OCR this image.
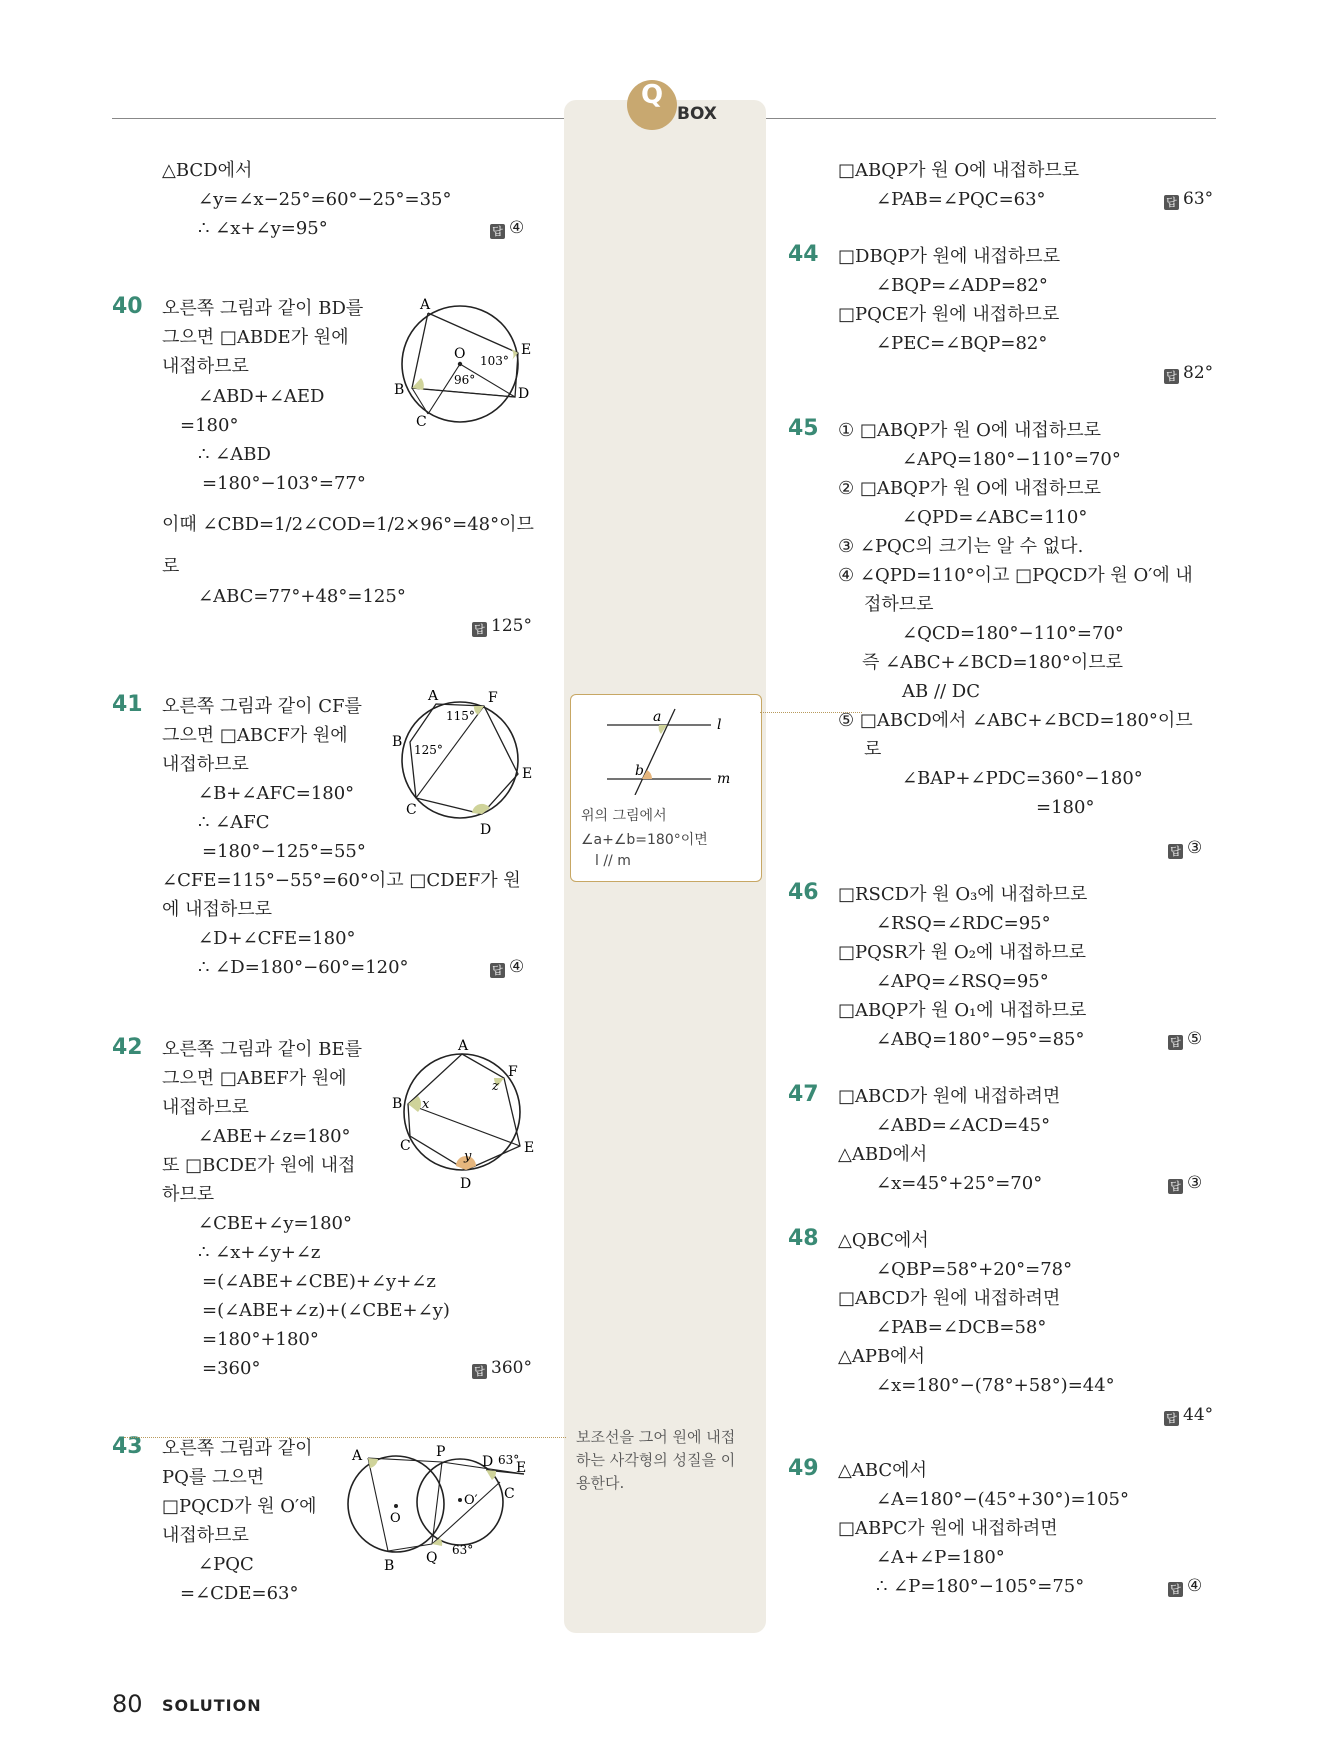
Q
BOX
△BCD에서
∠y=∠x−25°=60°−25°=35°
∴ ∠x+∠y=95°
오른쪽 그림과 같이 BD를
그으면 □ABDE가 원에
내접하므로
∠ABD+∠AED
=180°
∴ ∠ABD
=180°−103°=77°
이때 ∠CBD=1/2∠COD=1/2×96°=48°이므
로
∠ABC=77°+48°=125°
오른쪽 그림과 같이 CF를
그으면 □ABCF가 원에
내접하므로
∠B+∠AFC=180°
∴ ∠AFC
=180°−125°=55°
∠CFE=115°−55°=60°이고 □CDEF가 원
에 내접하므로
∠D+∠CFE=180°
∴ ∠D=180°−60°=120°
오른쪽 그림과 같이 BE를
그으면 □ABEF가 원에
내접하므로
∠ABE+∠z=180°
또 □BCDE가 원에 내접
하므로
∠CBE+∠y=180°
∴ ∠x+∠y+∠z
=(∠ABE+∠CBE)+∠y+∠z
=(∠ABE+∠z)+(∠CBE+∠y)
=180°+180°
=360°
오른쪽 그림과 같이
PQ를 그으면
□PQCD가 원 O′에
내접하므로
∠PQC
=∠CDE=63°
□ABQP가 원 O에 내접하므로
∠PAB=∠PQC=63°
□DBQP가 원에 내접하므로
∠BQP=∠ADP=82°
□PQCE가 원에 내접하므로
∠PEC=∠BQP=82°
① □ABQP가 원 O에 내접하므로
∠APQ=180°−110°=70°
② □ABQP가 원 O에 내접하므로
∠QPD=∠ABC=110°
③ ∠PQC의 크기는 알 수 없다.
④ ∠QPD=110°이고 □PQCD가 원 O′에 내
접하므로
∠QCD=180°−110°=70°
즉 ∠ABC+∠BCD=180°이므로
AB // DC
⑤ □ABCD에서 ∠ABC+∠BCD=180°이므
로
∠BAP+∠PDC=360°−180°
=180°
□RSCD가 원 O₃에 내접하므로
∠RSQ=∠RDC=95°
□PQSR가 원 O₂에 내접하므로
∠APQ=∠RSQ=95°
□ABQP가 원 O₁에 내접하므로
∠ABQ=180°−95°=85°
□ABCD가 원에 내접하려면
∠ABD=∠ACD=45°
△ABD에서
∠x=45°+25°=70°
△QBC에서
∠QBP=58°+20°=78°
□ABCD가 원에 내접하려면
∠PAB=∠DCB=58°
△APB에서
∠x=180°−(78°+58°)=44°
△ABC에서
∠A=180°−(45°+30°)=105°
□ABPC가 원에 내접하려면
∠A+∠P=180°
∴ ∠P=180°−105°=75°
40
41
42
43
44
45
46
47
48
49
답 ④
답 125°
답 ④
답 360°
답 63°
답 82°
답 ③
답 ⑤
답 ③
답 44°
답 ④
A
B
C
D
E
O 103°
96°
A	F
B
E
C
D
115°
125°
A
F
B
E
C
D
x
y
z
A
B
P
Q
D E
C
O
O′
63°
63°
a
b
l
m
위의 그림에서
∠a+∠b=180°이면
l // m
보조선을 그어 원에 내접
하는 사각형의 성질을 이
용한다.
80 SOLUTION
